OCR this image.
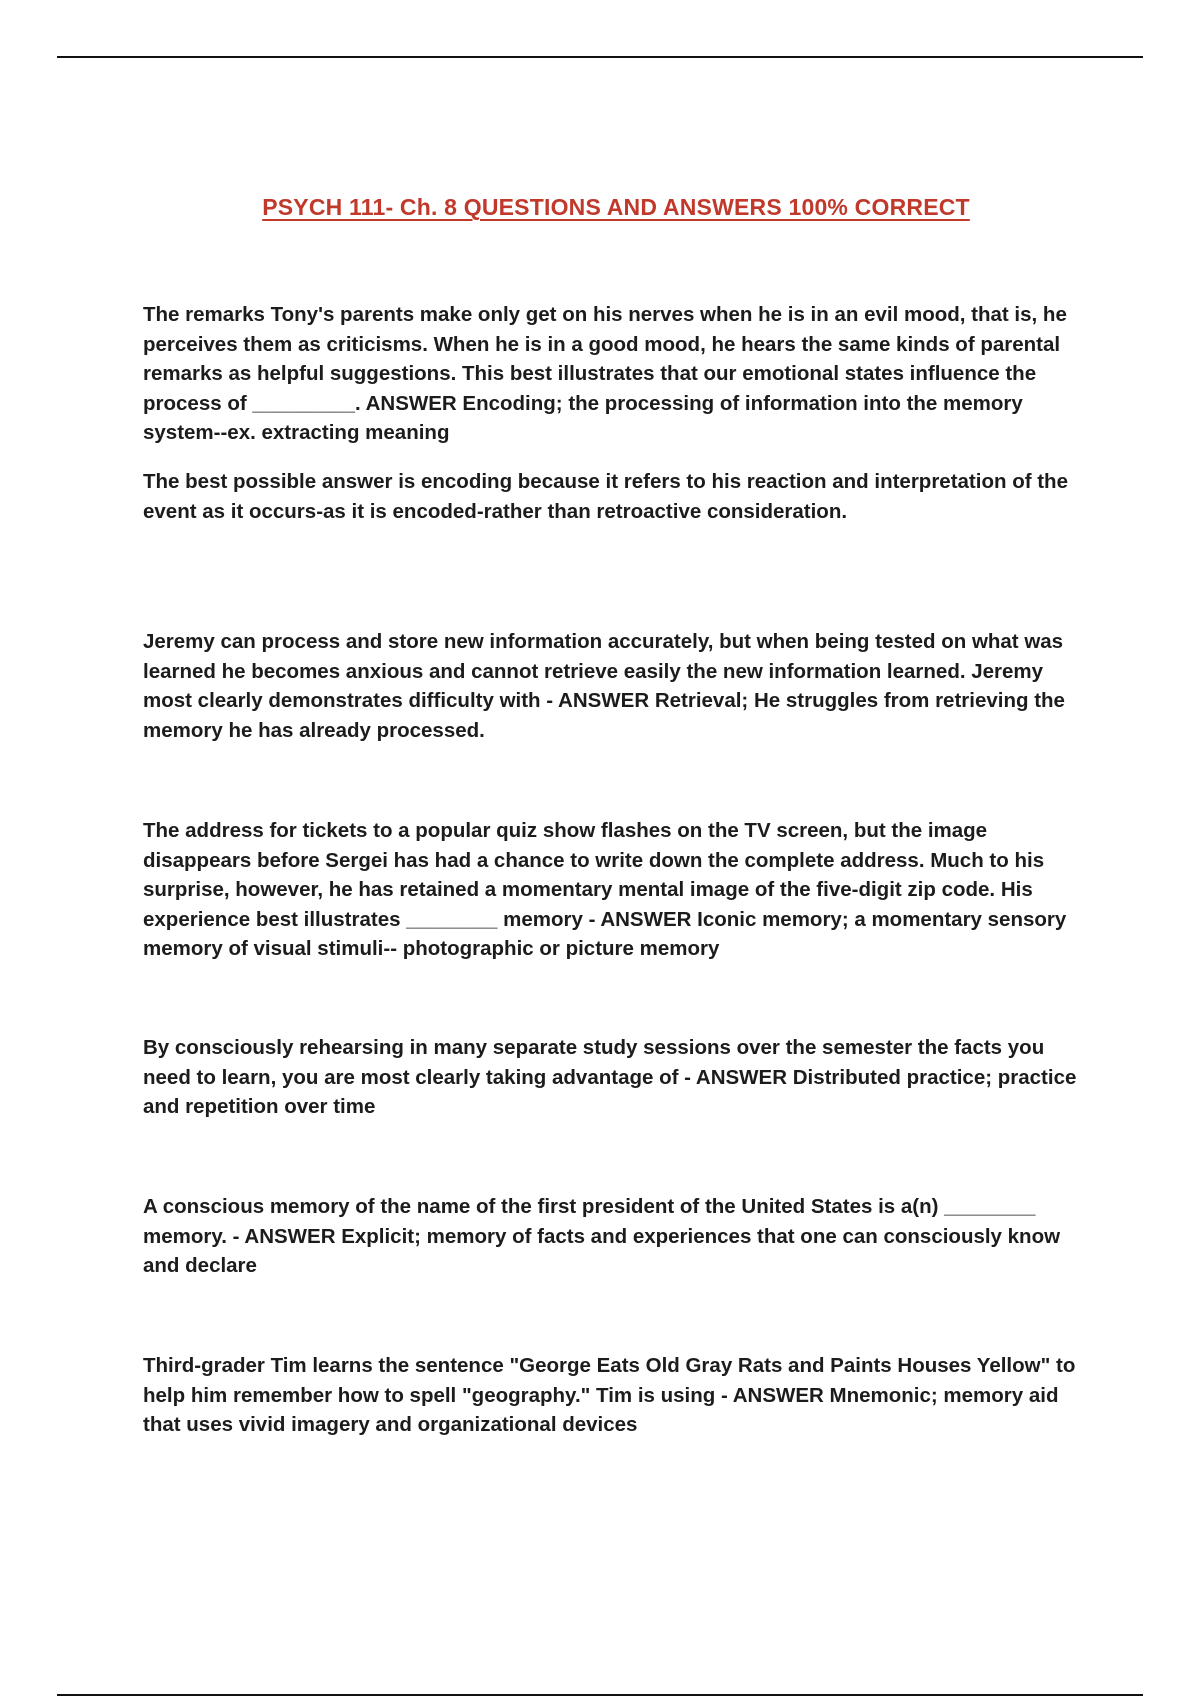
PSYCH 111- Ch. 8 QUESTIONS AND ANSWERS 100% CORRECT

The remarks Tony's parents make only get on his nerves when he is in an evil mood, that is, he perceives them as criticisms. When he is in a good mood, he hears the same kinds of parental remarks as helpful suggestions. This best illustrates that our emotional states influence the process of _________. ANSWER Encoding; the processing of information into the memory system--ex. extracting meaning

The best possible answer is encoding because it refers to his reaction and interpretation of the event as it occurs-as it is encoded-rather than retroactive consideration.

Jeremy can process and store new information accurately, but when being tested on what was learned he becomes anxious and cannot retrieve easily the new information learned. Jeremy most clearly demonstrates difficulty with - ANSWER Retrieval; He struggles from retrieving the memory he has already processed.

The address for tickets to a popular quiz show flashes on the TV screen, but the image disappears before Sergei has had a chance to write down the complete address. Much to his surprise, however, he has retained a momentary mental image of the five-digit zip code. His experience best illustrates ________ memory - ANSWER Iconic memory; a momentary sensory memory of visual stimuli-- photographic or picture memory

By consciously rehearsing in many separate study sessions over the semester the facts you need to learn, you are most clearly taking advantage of - ANSWER Distributed practice; practice and repetition over time

A conscious memory of the name of the first president of the United States is a(n) ________ memory. - ANSWER Explicit; memory of facts and experiences that one can consciously know and declare

Third-grader Tim learns the sentence "George Eats Old Gray Rats and Paints Houses Yellow" to help him remember how to spell "geography." Tim is using - ANSWER Mnemonic; memory aid that uses vivid imagery and organizational devices
